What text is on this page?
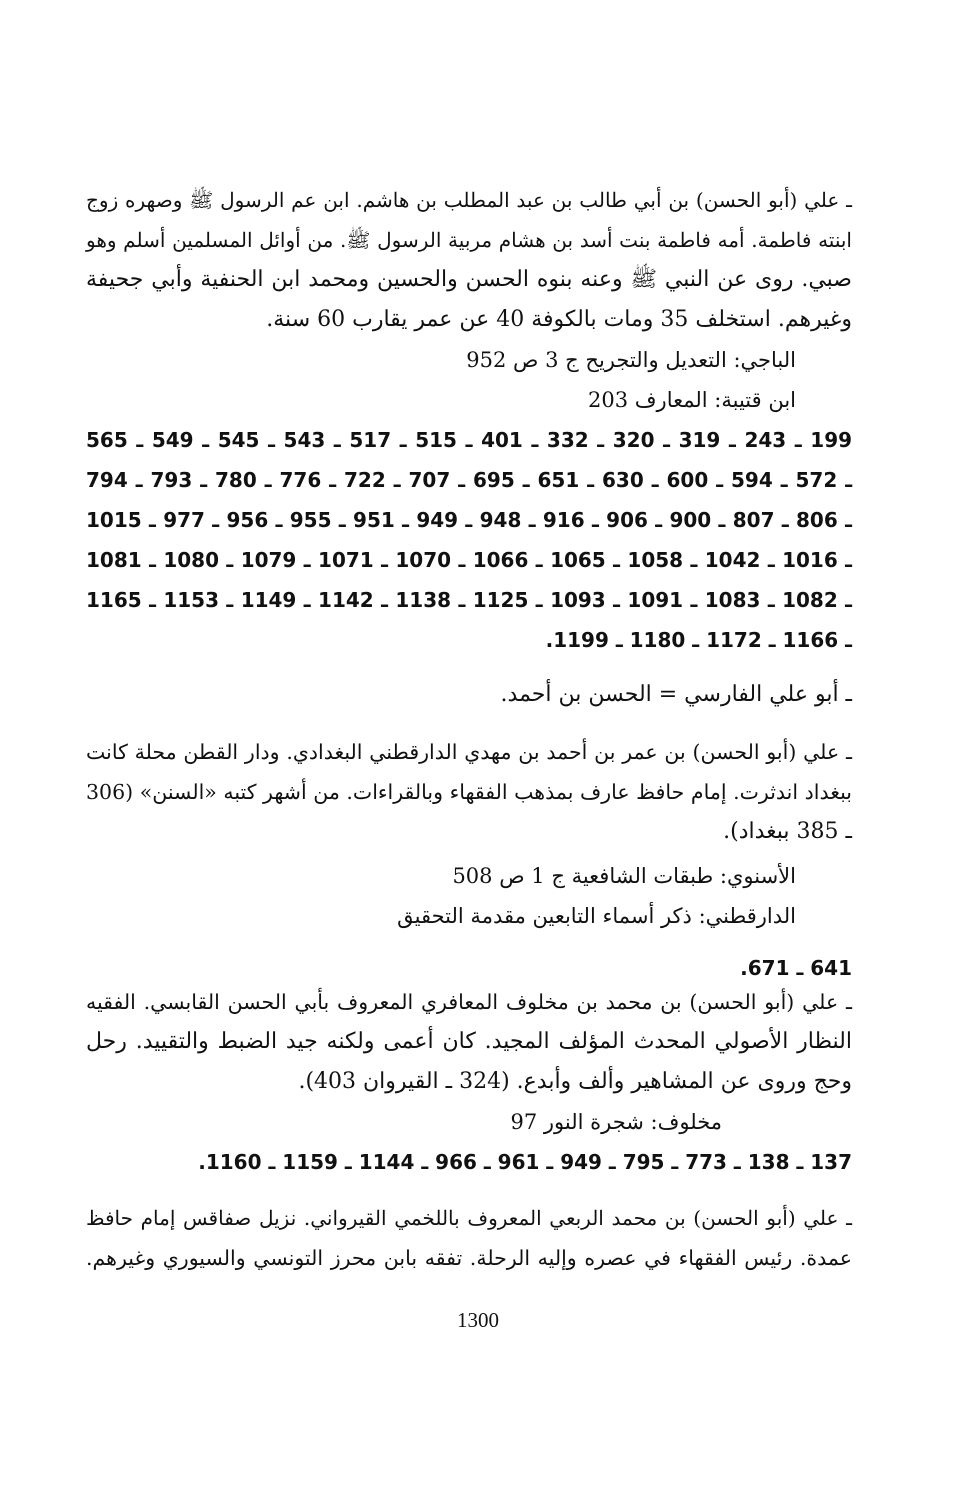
ـ علي (أبو الحسن) بن أبي طالب بن عبد المطلب بن هاشم. ابن عم الرسول ﷺ وصهره زوج
ابنته فاطمة. أمه فاطمة بنت أسد بن هشام مربية الرسول ﷺ. من أوائل المسلمين أسلم وهو
صبي. روى عن النبي ﷺ وعنه بنوه الحسن والحسين ومحمد ابن الحنفية وأبي جحيفة
وغيرهم. استخلف 35 ومات بالكوفة 40 عن عمر يقارب 60 سنة.
الباجي: التعديل والتجريح ج 3 ص 952
ابن قتيبة: المعارف 203
199 ـ 243 ـ 319 ـ 320 ـ 332 ـ 401 ـ 515 ـ 517 ـ 543 ـ 545 ـ 549 ـ 565
ـ 572 ـ 594 ـ 600 ـ 630 ـ 651 ـ 695 ـ 707 ـ 722 ـ 776 ـ 780 ـ 793 ـ 794
ـ 806 ـ 807 ـ 900 ـ 906 ـ 916 ـ 948 ـ 949 ـ 951 ـ 955 ـ 956 ـ 977 ـ 1015
ـ 1016 ـ 1042 ـ 1058 ـ 1065 ـ 1066 ـ 1070 ـ 1071 ـ 1079 ـ 1080 ـ 1081
ـ 1082 ـ 1083 ـ 1091 ـ 1093 ـ 1125 ـ 1138 ـ 1142 ـ 1149 ـ 1153 ـ 1165
ـ 1166 ـ 1172 ـ 1180 ـ 1199.
ـ أبو علي الفارسي = الحسن بن أحمد.
ـ علي (أبو الحسن) بن عمر بن أحمد بن مهدي الدارقطني البغدادي. ودار القطن محلة كانت
ببغداد اندثرت. إمام حافظ عارف بمذهب الفقهاء وبالقراءات. من أشهر كتبه «السنن» (306
ـ 385 ببغداد).
الأسنوي: طبقات الشافعية ج 1 ص 508
الدارقطني: ذكر أسماء التابعين مقدمة التحقيق
641 ـ 671.
ـ علي (أبو الحسن) بن محمد بن مخلوف المعافري المعروف بأبي الحسن القابسي. الفقيه
النظار الأصولي المحدث المؤلف المجيد. كان أعمى ولكنه جيد الضبط والتقييد. رحل
وحج وروى عن المشاهير وألف وأبدع. (324 ـ القيروان 403).
مخلوف: شجرة النور 97
137 ـ 138 ـ 773 ـ 795 ـ 949 ـ 961 ـ 966 ـ 1144 ـ 1159 ـ 1160.
ـ علي (أبو الحسن) بن محمد الربعي المعروف باللخمي القيرواني. نزيل صفاقس إمام حافظ
عمدة. رئيس الفقهاء في عصره وإليه الرحلة. تفقه بابن محرز التونسي والسيوري وغيرهم.
1300
